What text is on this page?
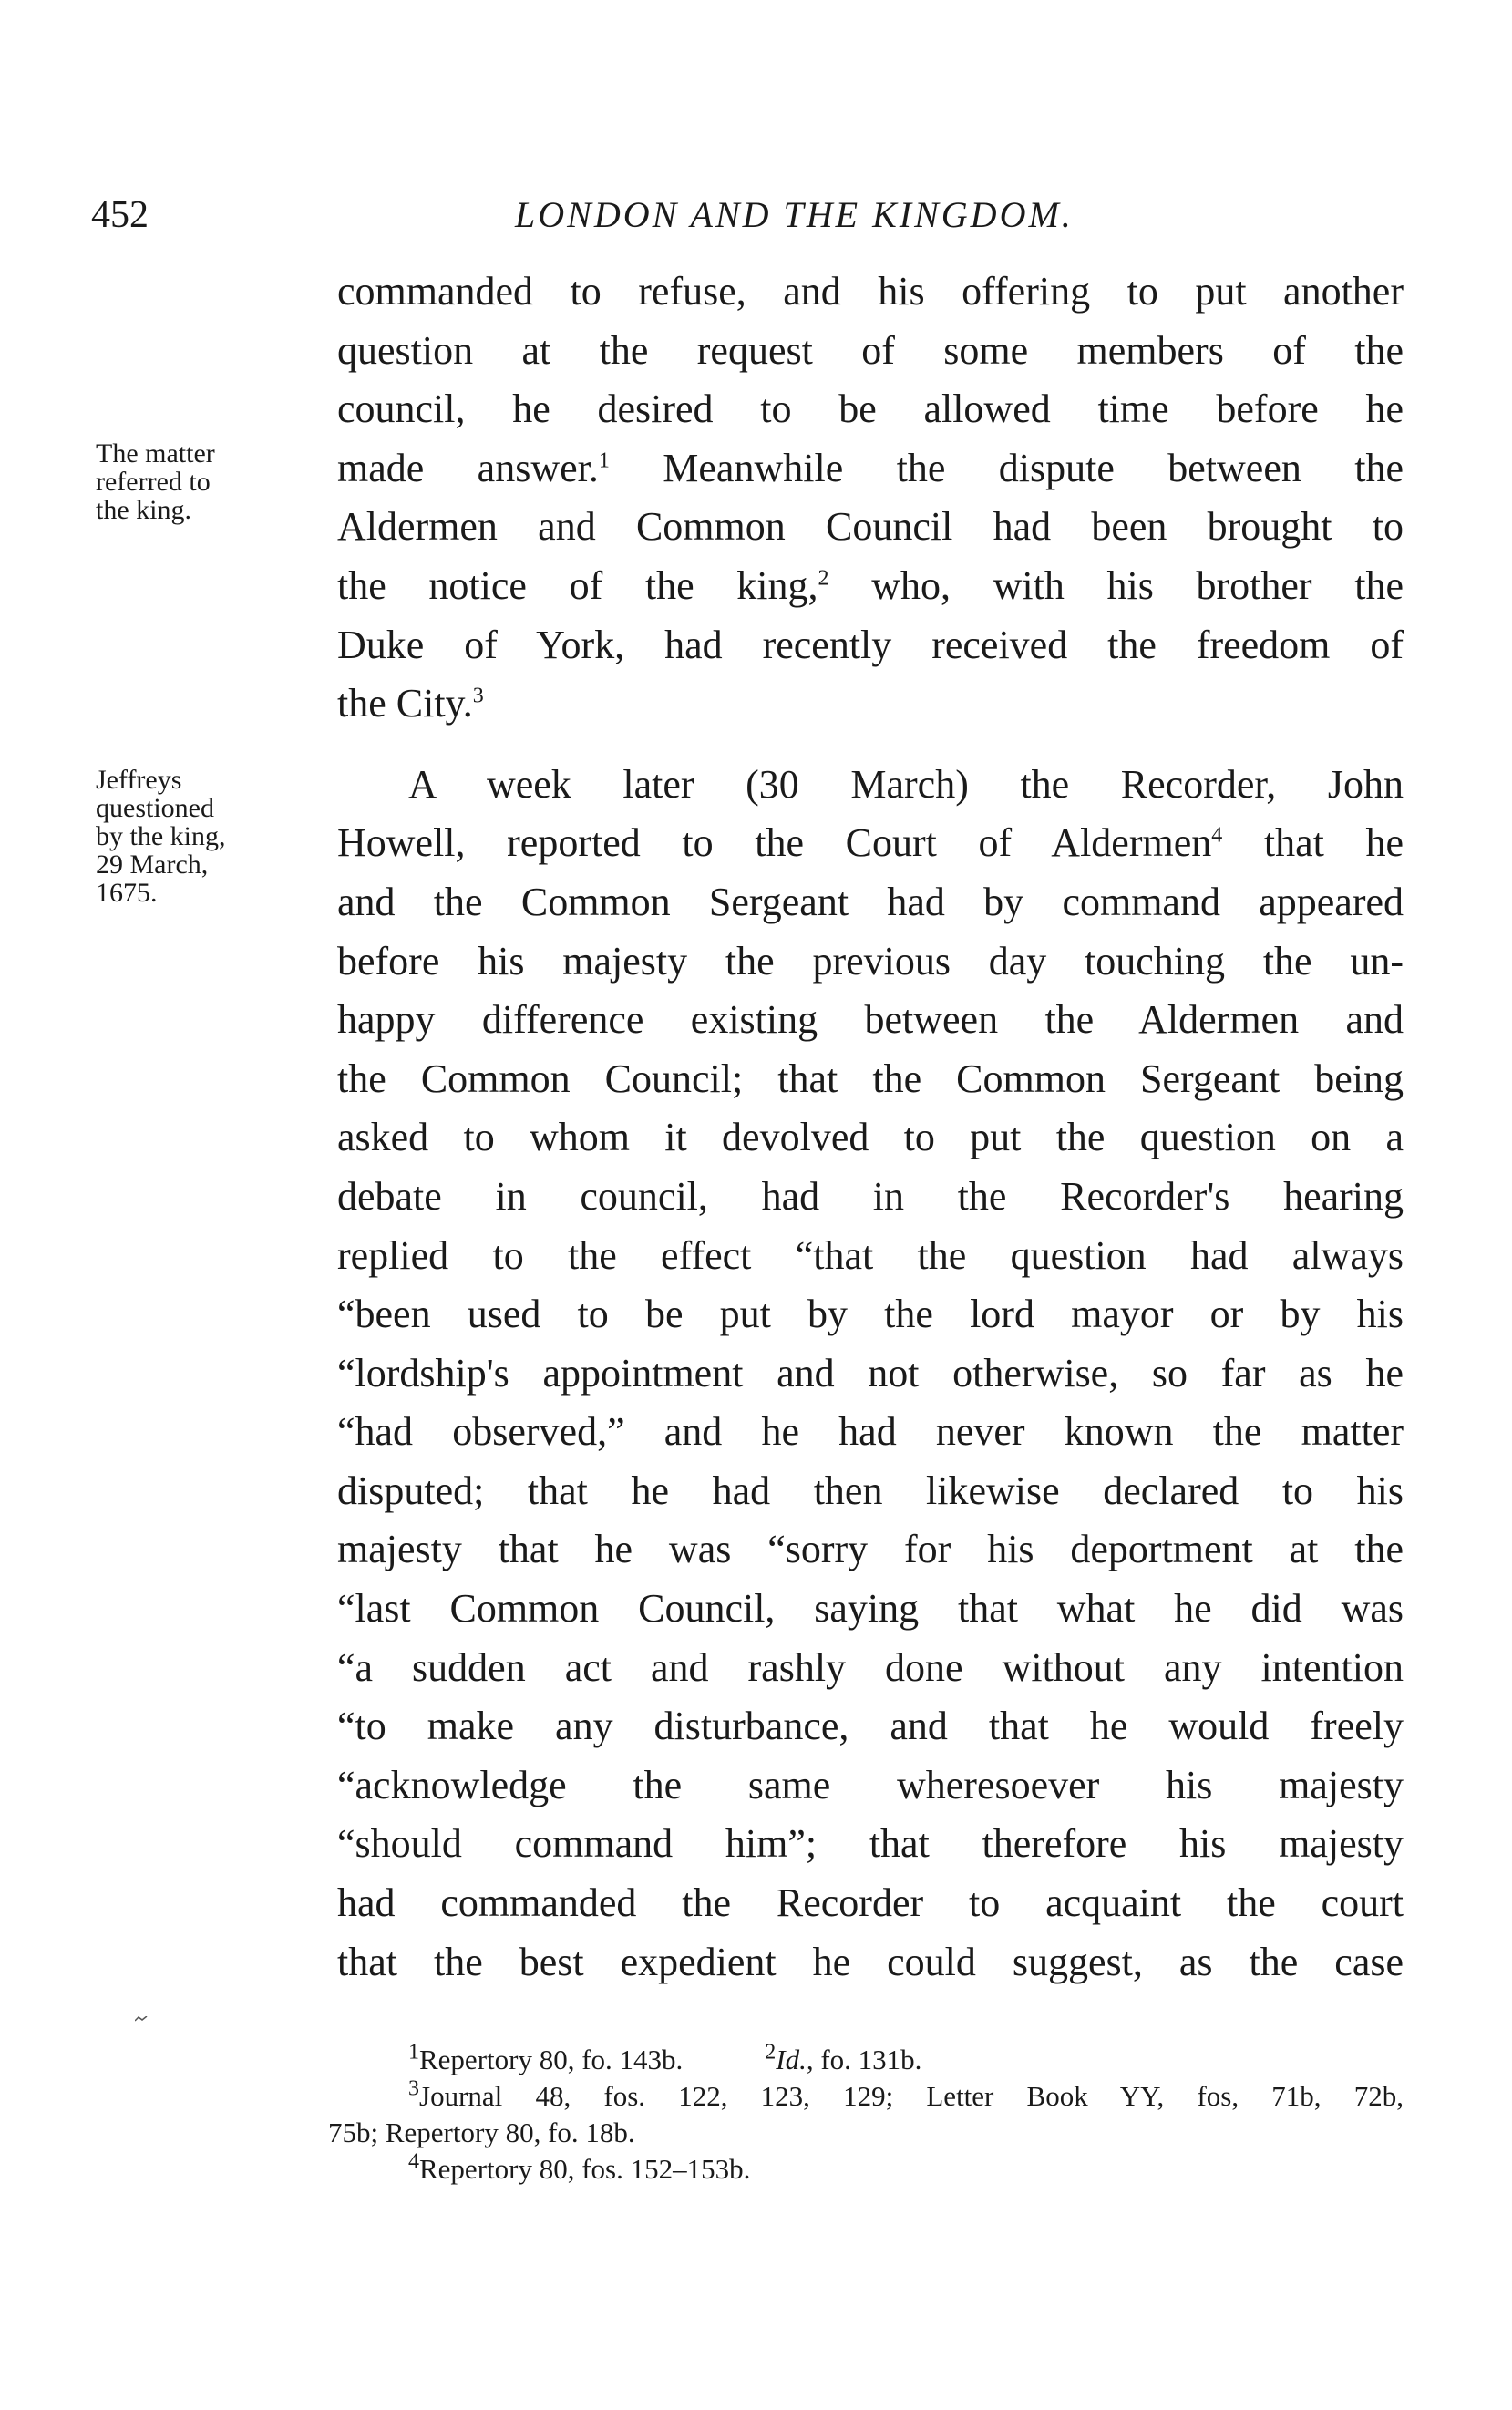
452	LONDON AND THE KINGDOM.
The matter
referred to
the king.
Jeffreys
questioned
by the king,
29 March,
1675.
commanded to refuse, and his offering to put another
question at the request of some members of the
council, he desired to be allowed time before he
made answer.$^1$ Meanwhile the dispute between the
Aldermen and Common Council had been brought to
the notice of the king,$^2$ who, with his brother the
Duke of York, had recently received the freedom of
the City.$^3$
A week later (30 March) the Recorder, John
Howell, reported to the Court of Aldermen$^4$ that he
and the Common Sergeant had by command appeared
before his majesty the previous day touching the un-
happy difference existing between the Aldermen and
the Common Council; that the Common Sergeant being
asked to whom it devolved to put the question on a
debate in council, had in the Recorder's hearing
replied to the effect “that the question had always
“been used to be put by the lord mayor or by his
“lordship's appointment and not otherwise, so far as he
“had observed,” and he had never known the matter
disputed; that he had then likewise declared to his
majesty that he was “sorry for his deportment at the
“last Common Council, saying that what he did was
“a sudden act and rashly done without any intention
“to make any disturbance, and that he would freely
“acknowledge the same wheresoever his majesty
“should command him”; that therefore his majesty
had commanded the Recorder to acquaint the court
that the best expedient he could suggest, as the case
$^1$Repertory 80, fo. 143b.	$^2$Id., fo. 131b.
$^3$Journal 48, fos. 122, 123, 129; Letter Book YY, fos, 71b, 72b,
75b; Repertory 80, fo. 18b.
$^4$Repertory 80, fos. 152–153b.
